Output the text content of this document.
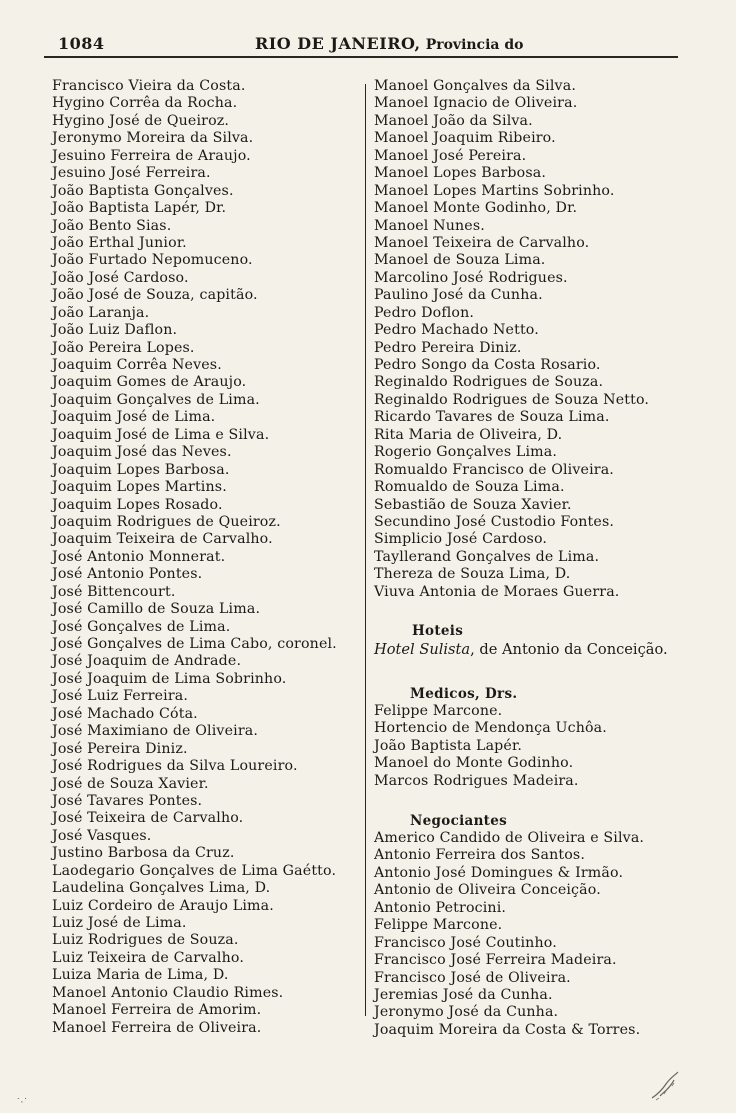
1084	RIO DE JANEIRO, Provincia do
Francisco Vieira da Costa.
Hygino Corrêa da Rocha.
Hygino José de Queiroz.
Jeronymo Moreira da Silva.
Jesuino Ferreira de Araujo.
Jesuino José Ferreira.
João Baptista Gonçalves.
João Baptista Lapér, Dr.
João Bento Sias.
João Erthal Junior.
João Furtado Nepomuceno.
João José Cardoso.
João José de Souza, capitão.
João Laranja.
João Luiz Daflon.
João Pereira Lopes.
Joaquim Corrêa Neves.
Joaquim Gomes de Araujo.
Joaquim Gonçalves de Lima.
Joaquim José de Lima.
Joaquim José de Lima e Silva.
Joaquim José das Neves.
Joaquim Lopes Barbosa.
Joaquim Lopes Martins.
Joaquim Lopes Rosado.
Joaquim Rodrigues de Queiroz.
Joaquim Teixeira de Carvalho.
José Antonio Monnerat.
José Antonio Pontes.
José Bittencourt.
José Camillo de Souza Lima.
José Gonçalves de Lima.
José Gonçalves de Lima Cabo, coronel.
José Joaquim de Andrade.
José Joaquim de Lima Sobrinho.
José Luiz Ferreira.
José Machado Cóta.
José Maximiano de Oliveira.
José Pereira Diniz.
José Rodrigues da Silva Loureiro.
José de Souza Xavier.
José Tavares Pontes.
José Teixeira de Carvalho.
José Vasques.
Justino Barbosa da Cruz.
Laodegario Gonçalves de Lima Gaétto.
Laudelina Gonçalves Lima, D.
Luiz Cordeiro de Araujo Lima.
Luiz José de Lima.
Luiz Rodrigues de Souza.
Luiz Teixeira de Carvalho.
Luiza Maria de Lima, D.
Manoel Antonio Claudio Rimes.
Manoel Ferreira de Amorim.
Manoel Ferreira de Oliveira.
Manoel Gonçalves da Silva.
Manoel Ignacio de Oliveira.
Manoel João da Silva.
Manoel Joaquim Ribeiro.
Manoel José Pereira.
Manoel Lopes Barbosa.
Manoel Lopes Martins Sobrinho.
Manoel Monte Godinho, Dr.
Manoel Nunes.
Manoel Teixeira de Carvalho.
Manoel de Souza Lima.
Marcolino José Rodrigues.
Paulino José da Cunha.
Pedro Doflon.
Pedro Machado Netto.
Pedro Pereira Diniz.
Pedro Songo da Costa Rosario.
Reginaldo Rodrigues de Souza.
Reginaldo Rodrigues de Souza Netto.
Ricardo Tavares de Souza Lima.
Rita Maria de Oliveira, D.
Rogerio Gonçalves Lima.
Romualdo Francisco de Oliveira.
Romualdo de Souza Lima.
Sebastião de Souza Xavier.
Secundino José Custodio Fontes.
Simplicio José Cardoso.
Tayllerand Gonçalves de Lima.
Thereza de Souza Lima, D.
Viuva Antonia de Moraes Guerra.
Hoteis
Hotel Sulista, de Antonio da Conceição.
Medicos, Drs.
Felippe Marcone.
Hortencio de Mendonça Uchôa.
João Baptista Lapér.
Manoel do Monte Godinho.
Marcos Rodrigues Madeira.
Negociantes
Americo Candido de Oliveira e Silva.
Antonio Ferreira dos Santos.
Antonio José Domingues & Irmão.
Antonio de Oliveira Conceição.
Antonio Petrocini.
Felippe Marcone.
Francisco José Coutinho.
Francisco José Ferreira Madeira.
Francisco José de Oliveira.
Jeremias José da Cunha.
Jeronymo José da Cunha.
Joaquim Moreira da Costa & Torres.
˙·˙
